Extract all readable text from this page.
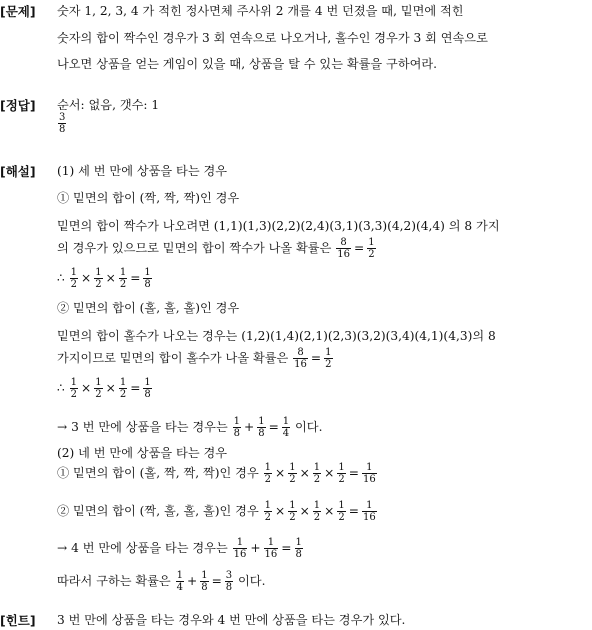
[문제] 숫자 1, 2, 3, 4 가 적힌 정사면체 주사위 2 개를 4 번 던졌을 때, 밑면에 적힌
숫자의 합이 짝수인 경우가 3 회 연속으로 나오거나, 홀수인 경우가 3 회 연속으로
나오면 상품을 얻는 게임이 있을 때, 상품을 탈 수 있는 확률을 구하여라.
[정답] 순서: 없음, 갯수: 1
$\frac{3}{8}$
[해설] (1) 세 번 만에 상품을 타는 경우
① 밑면의 합이 (짝, 짝, 짝)인 경우
밑면의 합이 짝수가 나오려면 (1,1)(1,3)(2,2)(2,4)(3,1)(3,3)(4,2)(4,4) 의 8 가지
의 경우가 있으므로 밑면의 합이 짝수가 나올 확률은 $\frac{8}{16} = \frac{1}{2}$
∴ $\frac{1}{2} \times \frac{1}{2} \times \frac{1}{2} = \frac{1}{8}$
② 밑면의 합이 (홀, 홀, 홀)인 경우
밑면의 합이 홀수가 나오는 경우는 (1,2)(1,4)(2,1)(2,3)(3,2)(3,4)(4,1)(4,3)의 8
가지이므로 밑면의 합이 홀수가 나올 확률은 $\frac{8}{16} = \frac{1}{2}$
∴ $\frac{1}{2} \times \frac{1}{2} \times \frac{1}{2} = \frac{1}{8}$
→ 3 번 만에 상품을 타는 경우는 $\frac{1}{8} + \frac{1}{8} = \frac{1}{4}$ 이다.
(2) 네 번 만에 상품을 타는 경우
① 밑면의 합이 (홀, 짝, 짝, 짝)인 경우 $\frac{1}{2} \times \frac{1}{2} \times \frac{1}{2} \times \frac{1}{2} = \frac{1}{16}$
② 밑면의 합이 (짝, 홀, 홀, 홀)인 경우 $\frac{1}{2} \times \frac{1}{2} \times \frac{1}{2} \times \frac{1}{2} = \frac{1}{16}$
→ 4 번 만에 상품을 타는 경우는 $\frac{1}{16} + \frac{1}{16} = \frac{1}{8}$
따라서 구하는 확률은 $\frac{1}{4} + \frac{1}{8} = \frac{3}{8}$ 이다.
[힌트] 3 번 만에 상품을 타는 경우와 4 번 만에 상품을 타는 경우가 있다.
